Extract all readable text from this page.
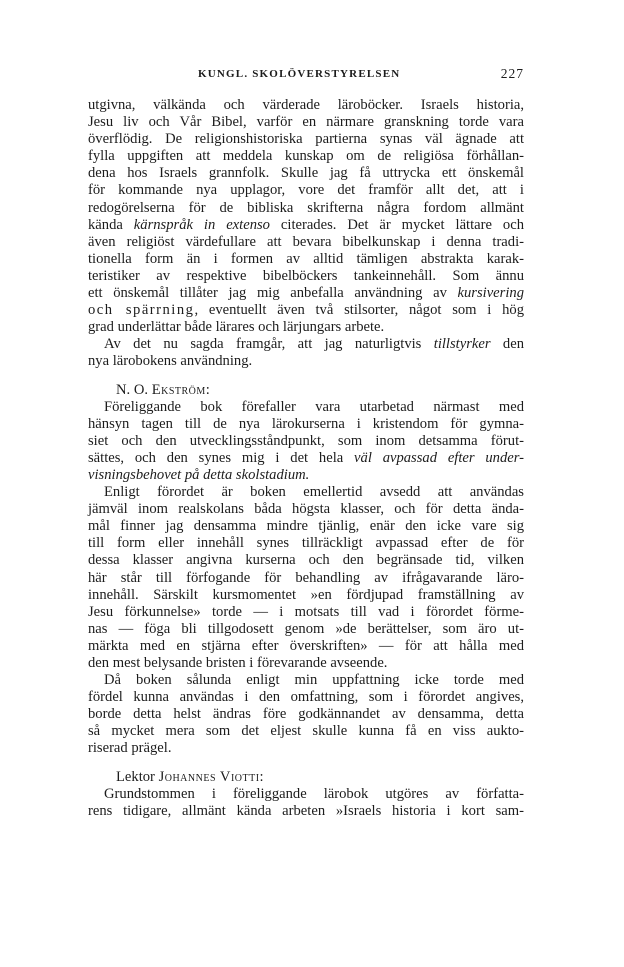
KUNGL. SKOLÖVERSTYRELSEN	227
utgivna, välkända och värderade läroböcker. Israels historia,
Jesu liv och Vår Bibel, varför en närmare granskning torde vara
överflödig. De religionshistoriska partierna synas väl ägnade att
fylla uppgiften att meddela kunskap om de religiösa förhållan-
dena hos Israels grannfolk. Skulle jag få uttrycka ett önskemål
för kommande nya upplagor, vore det framför allt det, att i
redogörelserna för de bibliska skrifterna några fordom allmänt
kända kärnspråk in extenso citerades. Det är mycket lättare och
även religiöst värdefullare att bevara bibelkunskap i denna tradi-
tionella form än i formen av alltid tämligen abstrakta karak-
teristiker av respektive bibelböckers tankeinnehåll. Som ännu
ett önskemål tillåter jag mig anbefalla användning av kursivering
och spärrning, eventuellt även två stilsorter, något som i hög
grad underlättar både lärares och lärjungars arbete.
Av det nu sagda framgår, att jag naturligtvis tillstyrker den
nya lärobokens användning.
N. O. Ekström:
Föreliggande bok förefaller vara utarbetad närmast med
hänsyn tagen till de nya lärokurserna i kristendom för gymna-
siet och den utvecklingsståndpunkt, som inom detsamma förut-
sättes, och den synes mig i det hela väl avpassad efter under-
visningsbehovet på detta skolstadium.
Enligt förordet är boken emellertid avsedd att användas
jämväl inom realskolans båda högsta klasser, och för detta ända-
mål finner jag densamma mindre tjänlig, enär den icke vare sig
till form eller innehåll synes tillräckligt avpassad efter de för
dessa klasser angivna kurserna och den begränsade tid, vilken
här står till förfogande för behandling av ifrågavarande läro-
innehåll. Särskilt kursmomentet »en fördjupad framställning av
Jesu förkunnelse» torde — i motsats till vad i förordet förme-
nas — föga bli tillgodosett genom »de berättelser, som äro ut-
märkta med en stjärna efter överskriften» — för att hålla med
den mest belysande bristen i förevarande avseende.
Då boken sålunda enligt min uppfattning icke torde med
fördel kunna användas i den omfattning, som i förordet angives,
borde detta helst ändras före godkännandet av densamma, detta
så mycket mera som det eljest skulle kunna få en viss aukto-
riserad prägel.
Lektor Johannes Viotti:
Grundstommen i föreliggande lärobok utgöres av författa-
rens tidigare, allmänt kända arbeten »Israels historia i kort sam-
